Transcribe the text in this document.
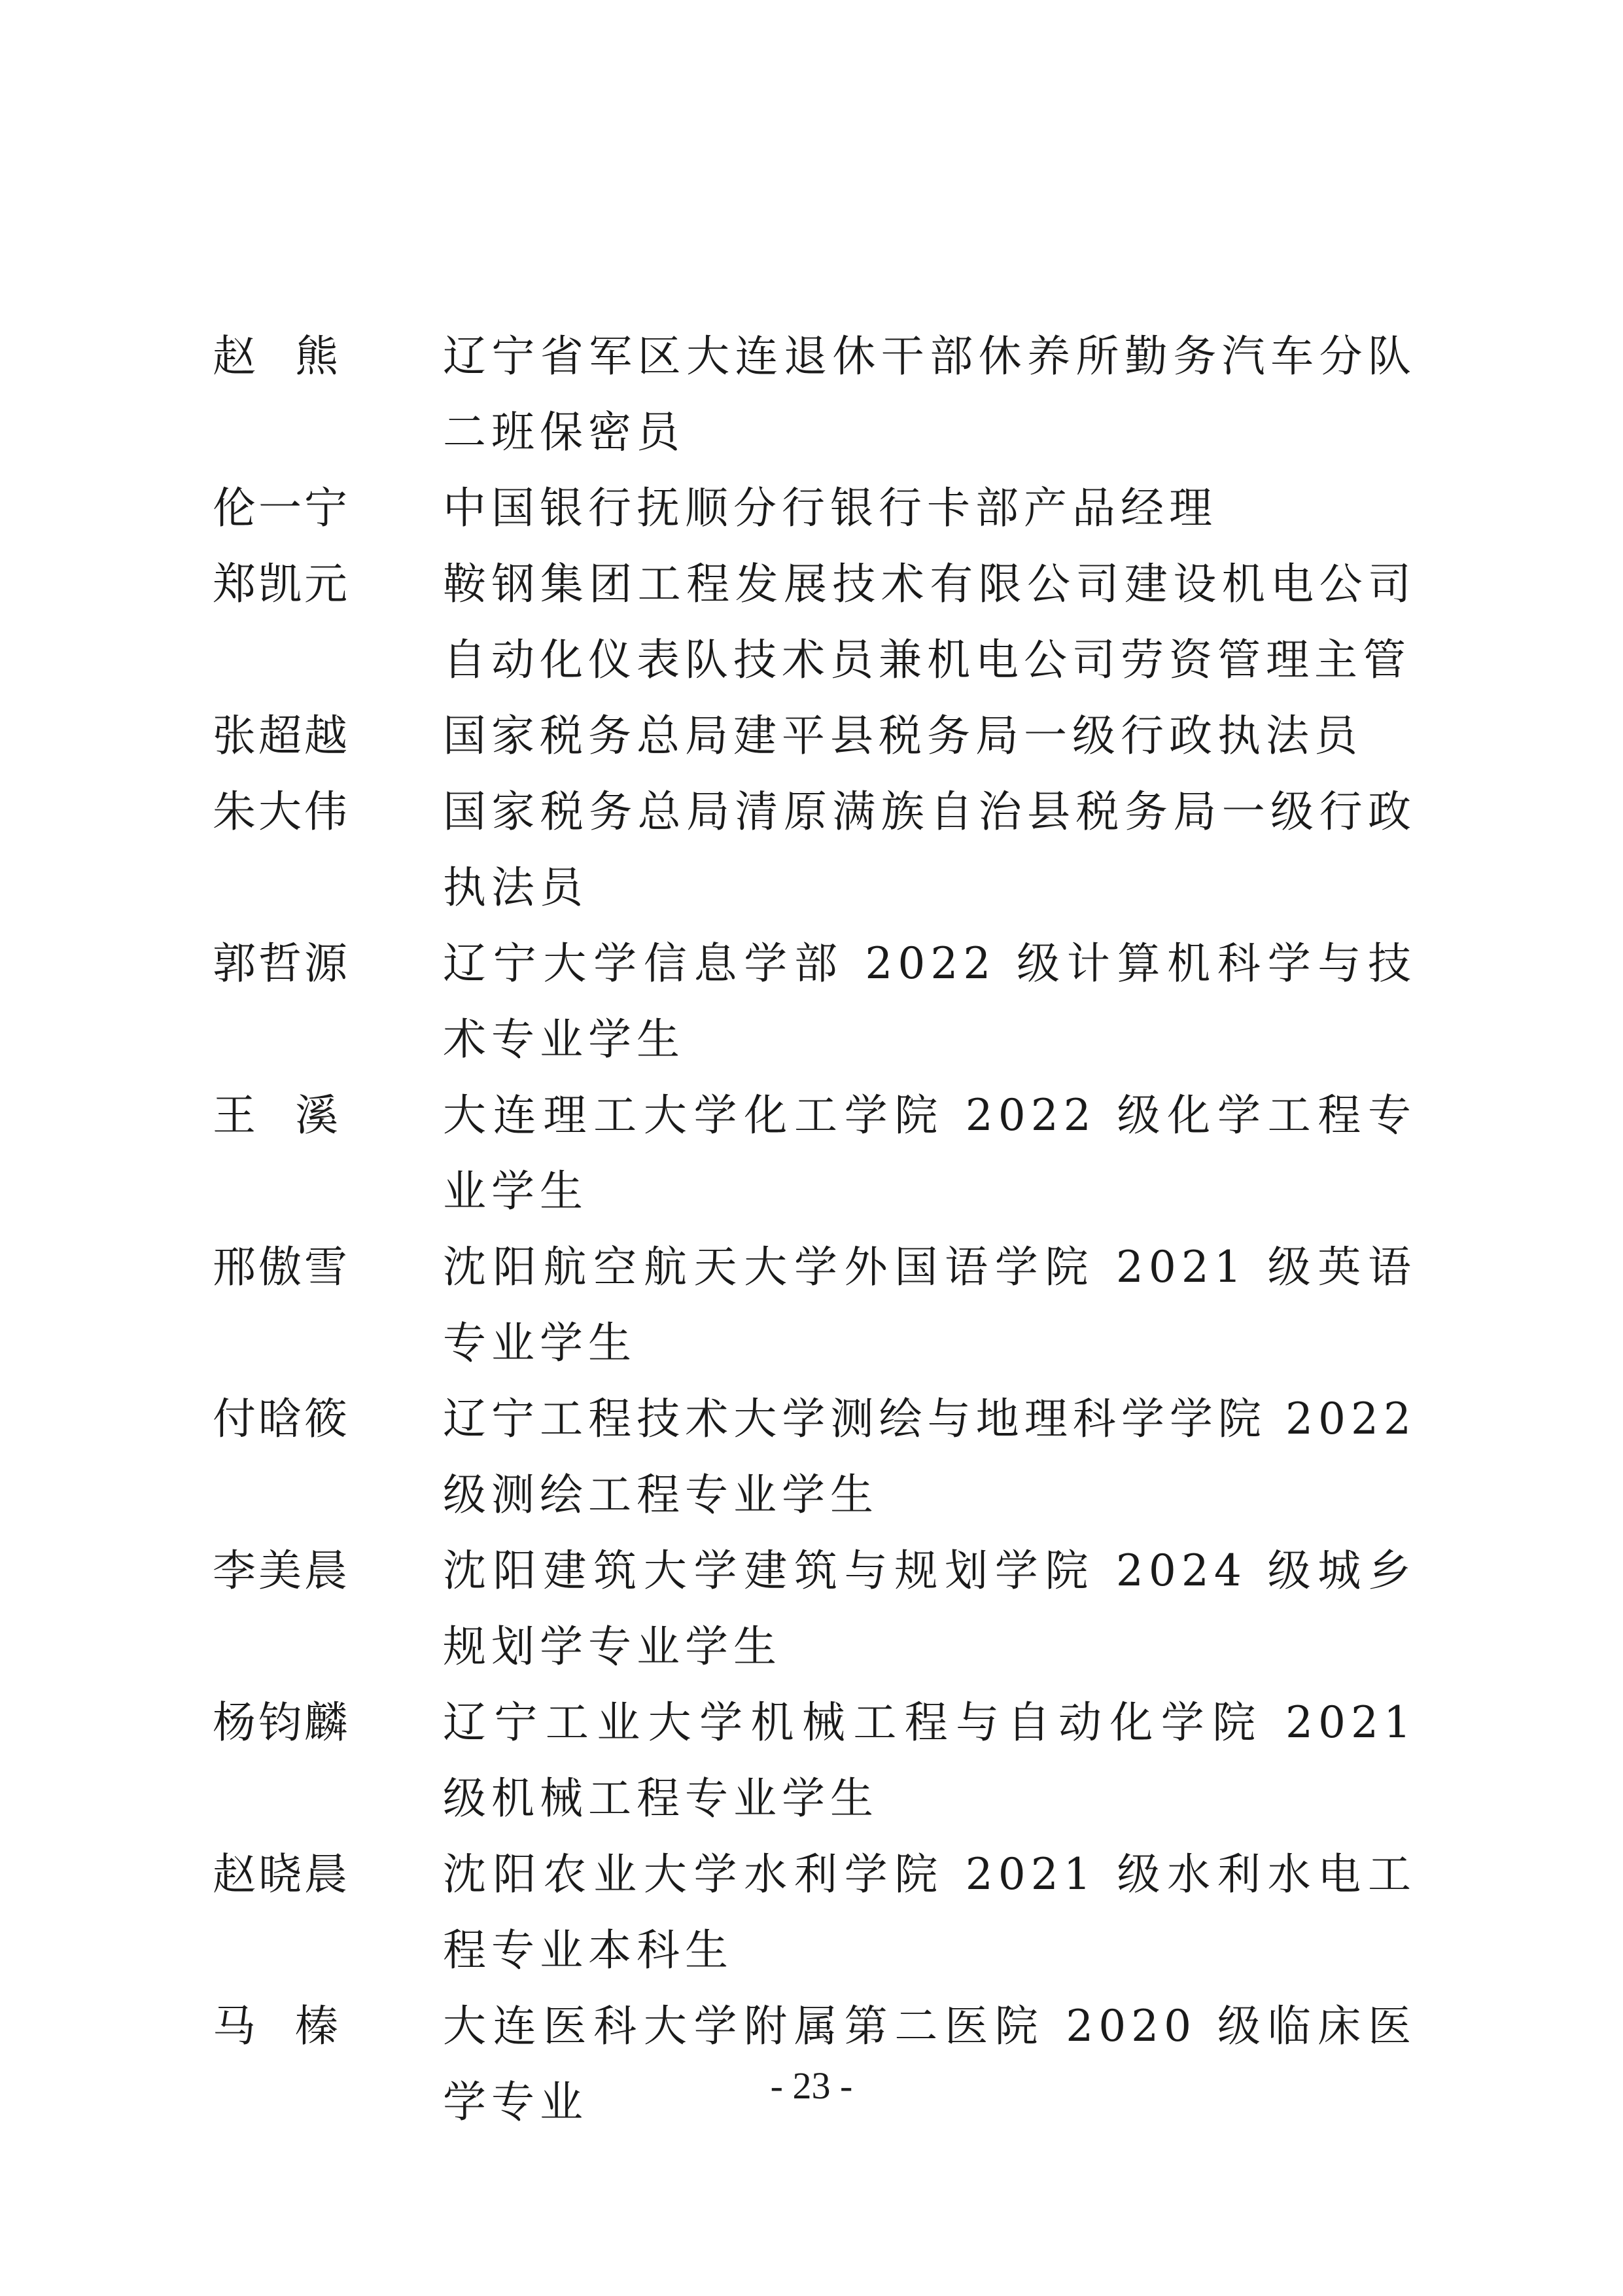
赵 熊 辽宁省军区大连退休干部休养所勤务汽车分队二班保密员
伦一宁 中国银行抚顺分行银行卡部产品经理
郑凯元 鞍钢集团工程发展技术有限公司建设机电公司自动化仪表队技术员兼机电公司劳资管理主管
张超越 国家税务总局建平县税务局一级行政执法员
朱大伟 国家税务总局清原满族自治县税务局一级行政执法员
郭哲源 辽宁大学信息学部 2022 级计算机科学与技术专业学生
王 溪 大连理工大学化工学院 2022 级化学工程专业学生
邢傲雪 沈阳航空航天大学外国语学院 2021 级英语专业学生
付晗筱 辽宁工程技术大学测绘与地理科学学院 2022 级测绘工程专业学生
李美晨 沈阳建筑大学建筑与规划学院 2024 级城乡规划学专业学生
杨钧麟 辽宁工业大学机械工程与自动化学院 2021 级机械工程专业学生
赵晓晨 沈阳农业大学水利学院 2021 级水利水电工程专业本科生
马 榛 大连医科大学附属第二医院 2020 级临床医学专业	- 23 -
